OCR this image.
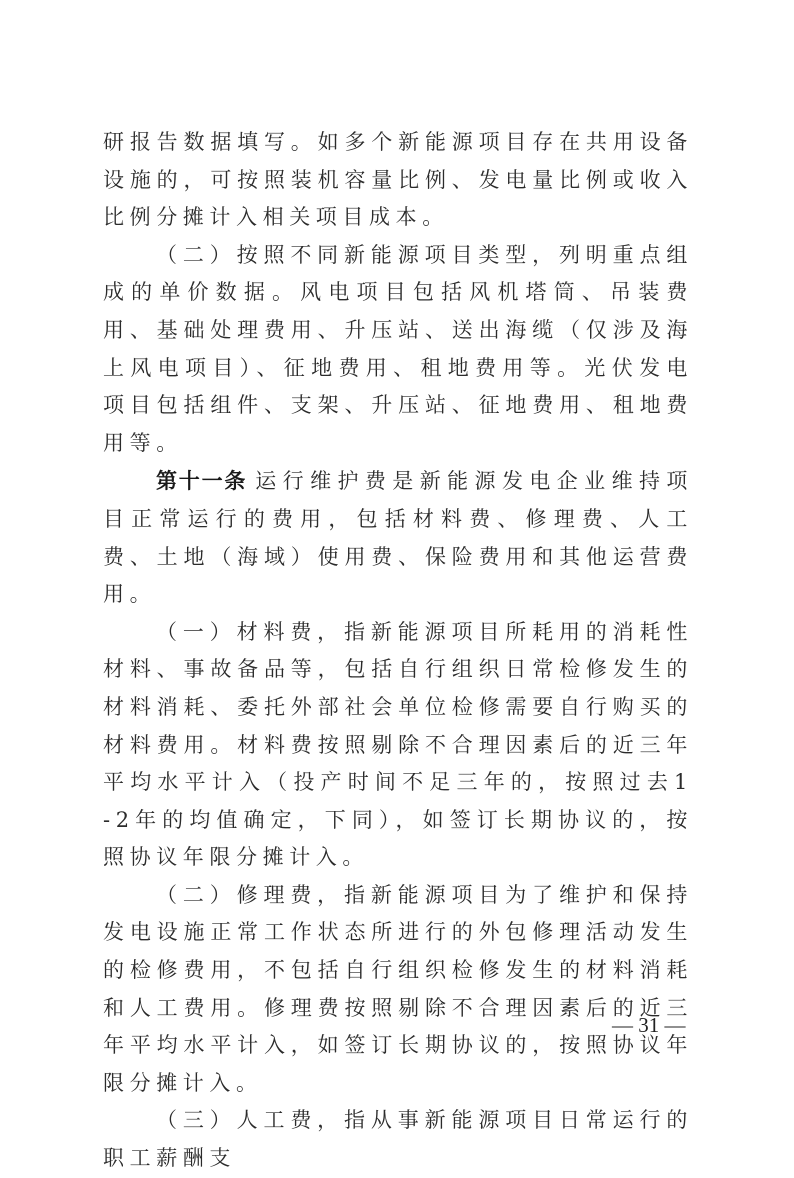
研报告数据填写。如多个新能源项目存在共用设备设施的，可按照装机容量比例、发电量比例或收入比例分摊计入相关项目成本。

（二）按照不同新能源项目类型，列明重点组成的单价数据。风电项目包括风机塔筒、吊装费用、基础处理费用、升压站、送出海缆（仅涉及海上风电项目）、征地费用、租地费用等。光伏发电项目包括组件、支架、升压站、征地费用、租地费用等。

第十一条 运行维护费是新能源发电企业维持项目正常运行的费用，包括材料费、修理费、人工费、土地（海域）使用费、保险费用和其他运营费用。

（一）材料费，指新能源项目所耗用的消耗性材料、事故备品等，包括自行组织日常检修发生的材料消耗、委托外部社会单位检修需要自行购买的材料费用。材料费按照剔除不合理因素后的近三年平均水平计入（投产时间不足三年的，按照过去1-2年的均值确定，下同），如签订长期协议的，按照协议年限分摊计入。

（二）修理费，指新能源项目为了维护和保持发电设施正常工作状态所进行的外包修理活动发生的检修费用，不包括自行组织检修发生的材料消耗和人工费用。修理费按照剔除不合理因素后的近三年平均水平计入，如签订长期协议的，按照协议年限分摊计入。

（三）人工费，指从事新能源项目日常运行的职工薪酬支

— 31 —
